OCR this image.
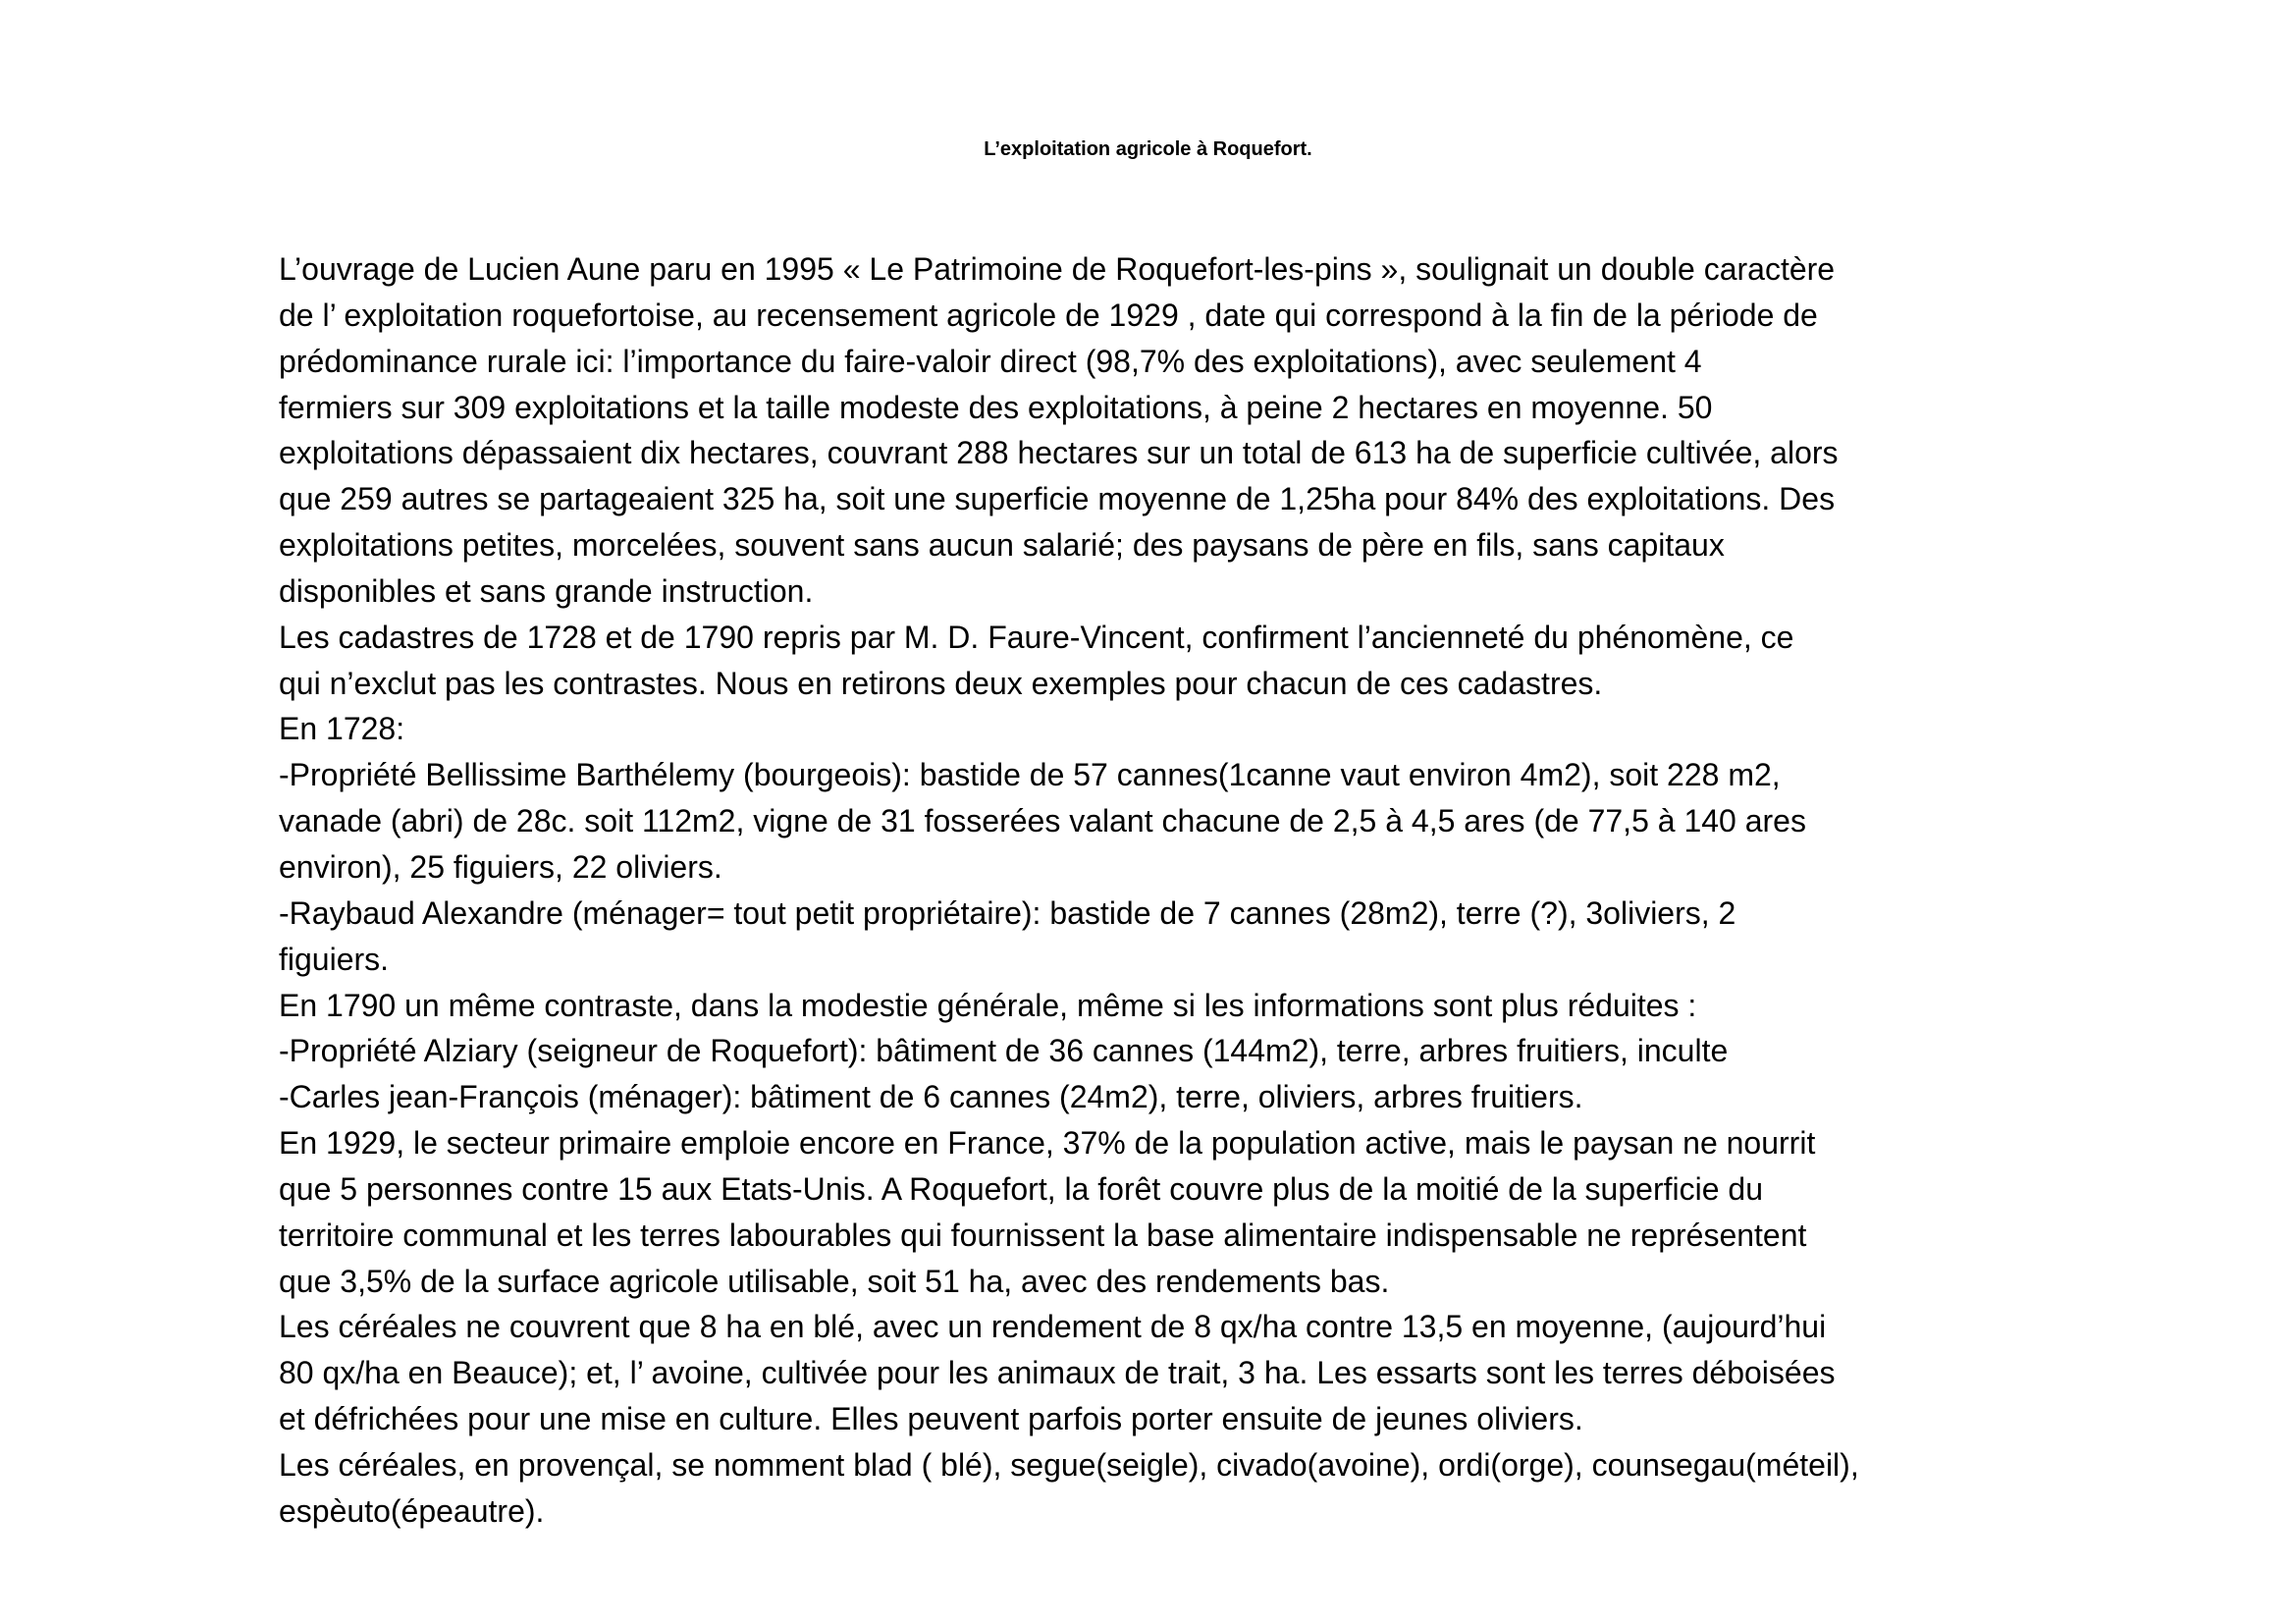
L’exploitation agricole à Roquefort.
L’ouvrage de Lucien Aune paru en 1995 « Le Patrimoine de Roquefort-les-pins », soulignait un double caractère
de l’ exploitation roquefortoise, au recensement agricole de 1929 , date qui correspond à la fin de la période de
prédominance rurale ici: l’importance du faire-valoir direct (98,7% des exploitations), avec seulement 4
fermiers sur 309 exploitations et la taille modeste des exploitations, à peine 2 hectares en moyenne. 50
exploitations dépassaient dix hectares, couvrant 288 hectares sur un total de 613 ha de superficie cultivée, alors
que 259 autres se partageaient 325 ha, soit une superficie moyenne de 1,25ha pour 84% des exploitations. Des
exploitations petites, morcelées, souvent sans aucun salarié; des paysans de père en fils, sans capitaux
disponibles et sans grande instruction.
Les cadastres de 1728 et de 1790 repris par M. D. Faure-Vincent, confirment l’ancienneté du phénomène, ce
qui n’exclut pas les contrastes. Nous en retirons deux exemples pour chacun de ces cadastres.
En 1728:
-Propriété Bellissime Barthélemy (bourgeois): bastide de 57 cannes(1canne vaut environ 4m2), soit 228 m2,
vanade (abri) de 28c. soit 112m2, vigne de 31 fosserées valant chacune de 2,5 à 4,5 ares (de 77,5 à 140 ares
environ), 25 figuiers, 22 oliviers.
-Raybaud Alexandre (ménager= tout petit propriétaire): bastide de 7 cannes (28m2), terre (?), 3oliviers, 2
figuiers.
En 1790 un même contraste, dans la modestie générale, même si les informations sont plus réduites :
-Propriété Alziary (seigneur de Roquefort): bâtiment de 36 cannes (144m2), terre, arbres fruitiers, inculte
-Carles jean-François (ménager): bâtiment de 6 cannes (24m2), terre, oliviers, arbres fruitiers.
En 1929, le secteur primaire emploie encore en France, 37% de la population active, mais le paysan ne nourrit
que 5 personnes contre 15 aux Etats-Unis. A Roquefort, la forêt couvre plus de la moitié de la superficie du
territoire communal et les terres labourables qui fournissent la base alimentaire indispensable ne représentent
que 3,5% de la surface agricole utilisable, soit 51 ha, avec des rendements bas.
Les céréales ne couvrent que 8 ha en blé, avec un rendement de 8 qx/ha contre 13,5 en moyenne, (aujourd’hui
80 qx/ha en Beauce); et, l’ avoine, cultivée pour les animaux de trait, 3 ha. Les essarts sont les terres déboisées
et défrichées pour une mise en culture. Elles peuvent parfois porter ensuite de jeunes oliviers.
Les céréales, en provençal, se nomment blad ( blé), segue(seigle), civado(avoine), ordi(orge), counsegau(méteil),
espèuto(épeautre).
